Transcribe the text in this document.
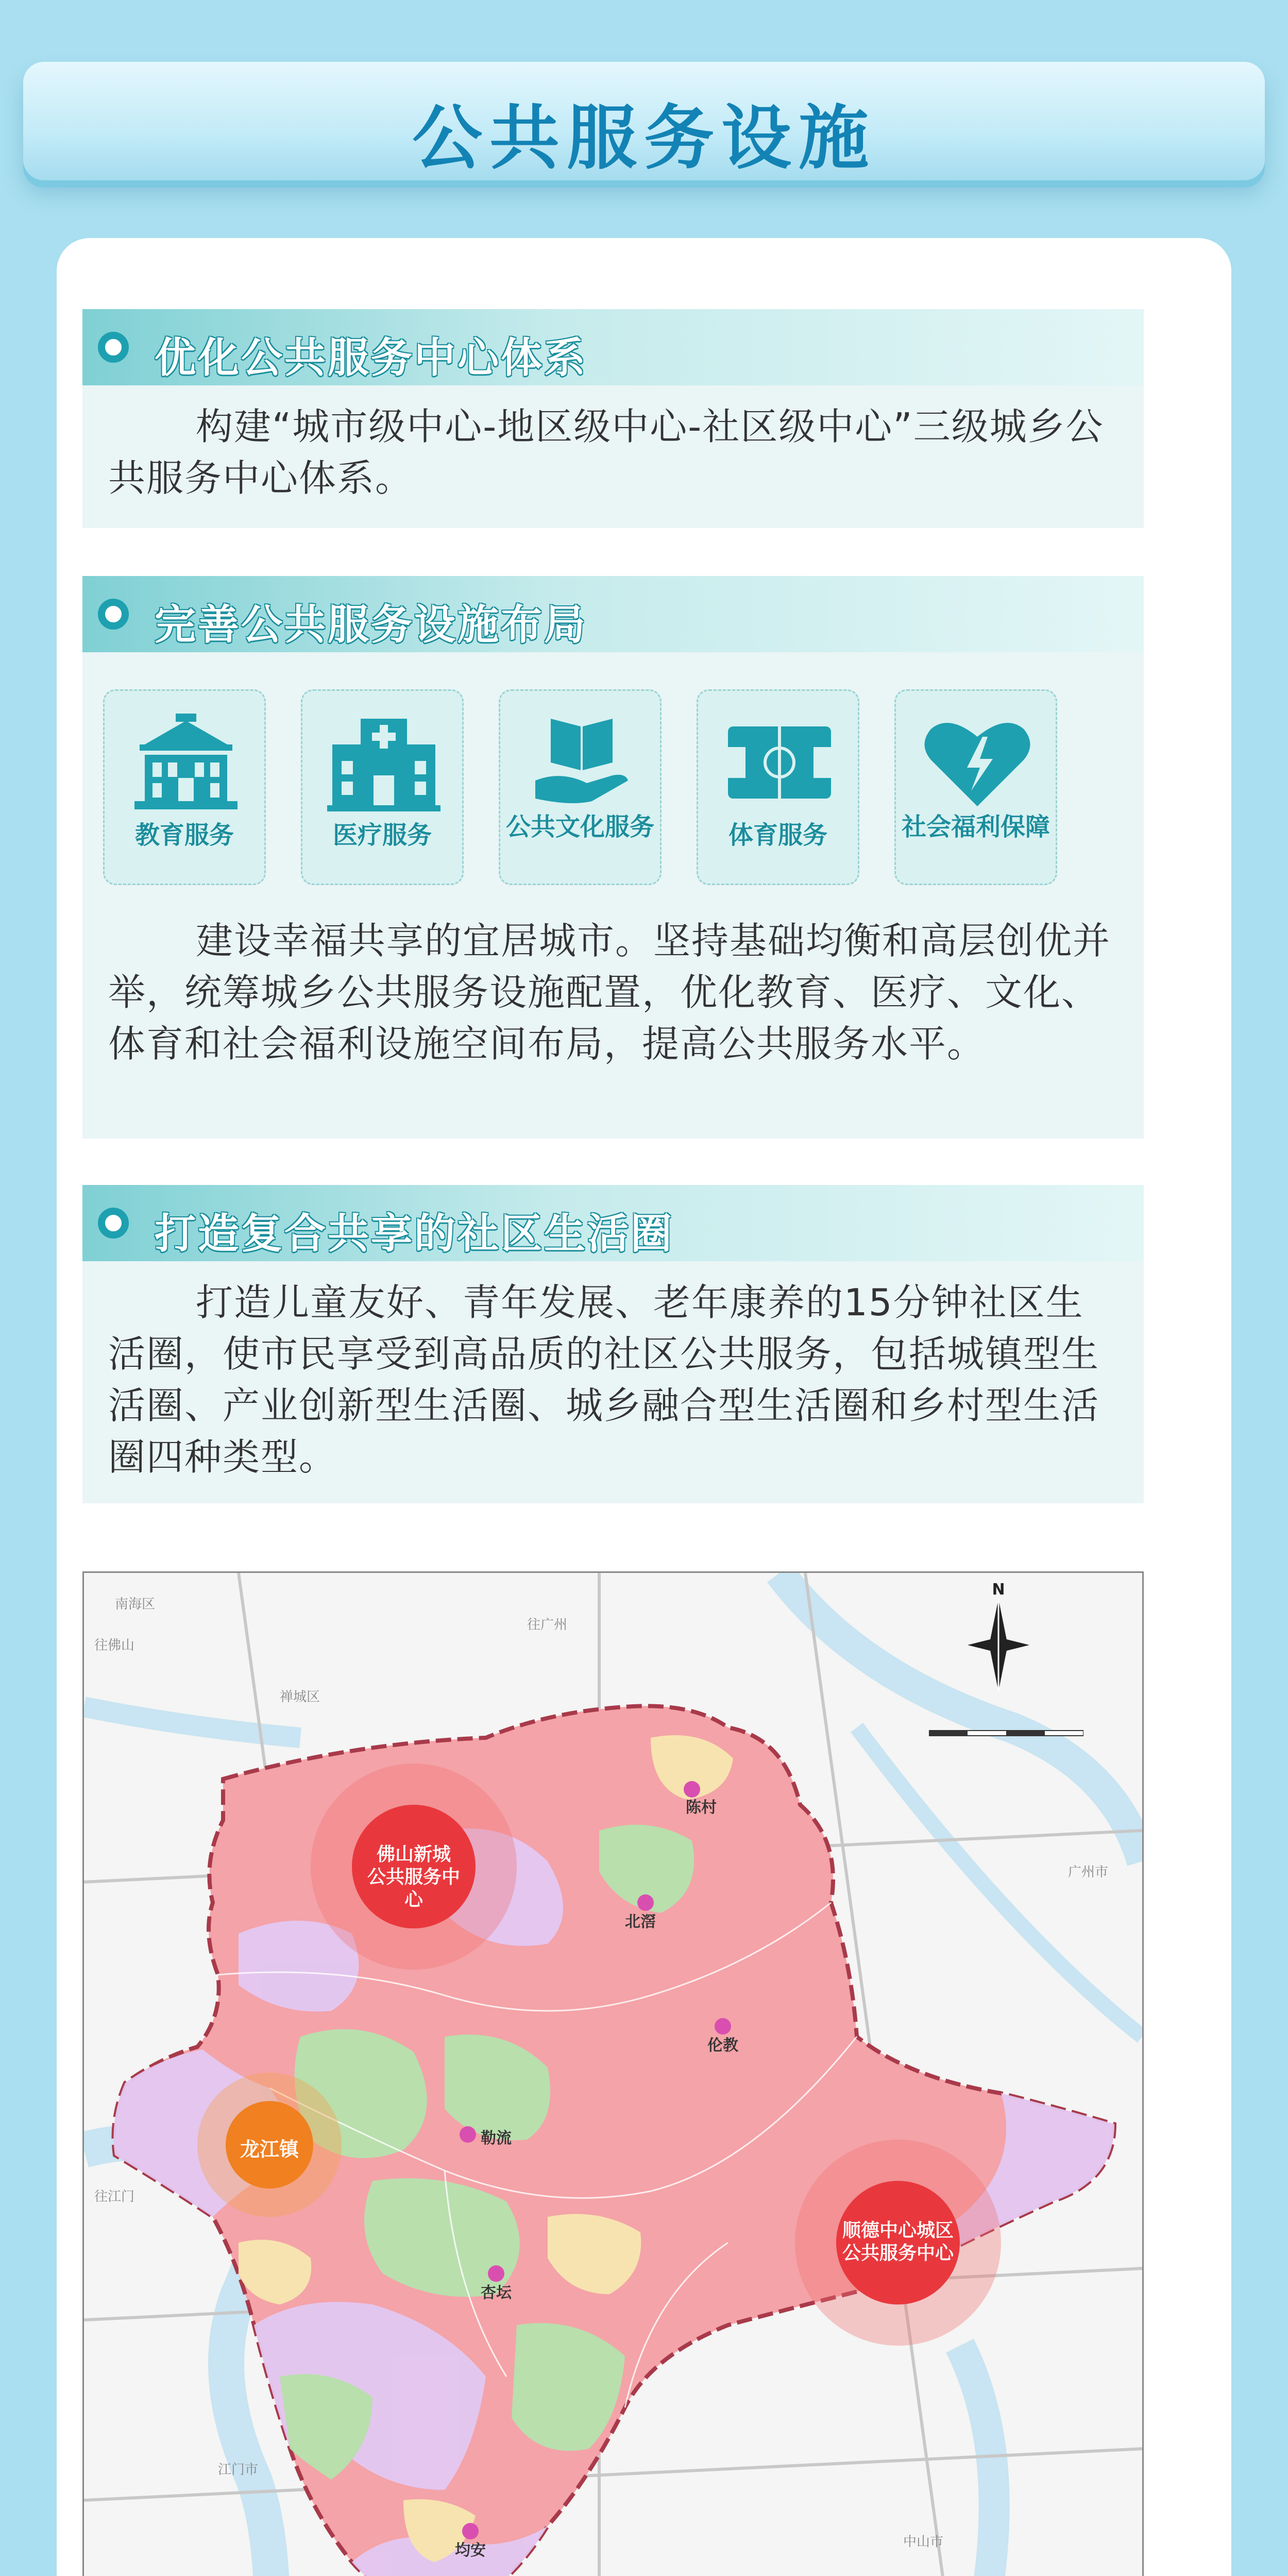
公共服务设施
优化公共服务中心体系

构建“城市级中心-地区级中心-社区级中心”三级城乡公共服务中心体系。

完善公共服务设施布局
教育服务	医疗服务	公共文化服务	体育服务	社会福利保障

建设幸福共享的宜居城市。坚持基础均衡和高层创优并举，统筹城乡公共服务设施配置，优化教育、医疗、文化、体育和社会福利设施空间布局，提高公共服务水平。

打造复合共享的社区生活圈

打造儿童友好、青年发展、老年康养的15分钟社区生活圈，使市民享受到高品质的社区公共服务，包括城镇型生活圈、产业创新型生活圈、城乡融合型生活圈和乡村型生活圈四种类型。

佛山新城
公共服务中心
顺德中心城区
公共服务中心
龙江镇
陈村
北滘
伦教
勒流
杏坛
均安
南海区
禅城区
往广州
往佛山
广州市
往江门
江门市
中山市
N
